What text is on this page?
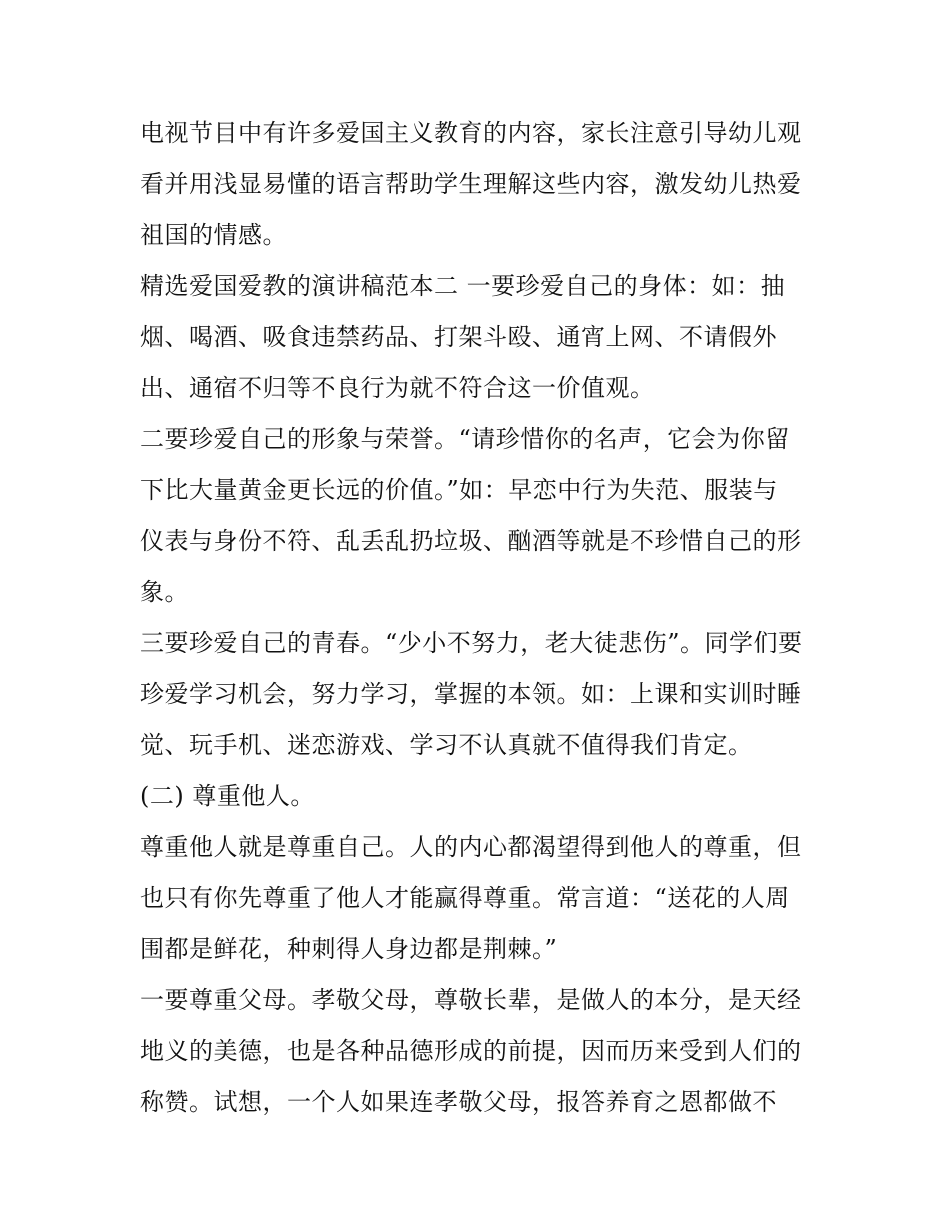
电视节目中有许多爱国主义教育的内容，家长注意引导幼儿观
看并用浅显易懂的语言帮助学生理解这些内容，激发幼儿热爱
祖国的情感。
精选爱国爱教的演讲稿范本二 一要珍爱自己的身体：如：抽
烟、喝酒、吸食违禁药品、打架斗殴、通宵上网、不请假外
出、通宿不归等不良行为就不符合这一价值观。
二要珍爱自己的形象与荣誉。“请珍惜你的名声，它会为你留
下比大量黄金更长远的价值。”如：早恋中行为失范、服装与
仪表与身份不符、乱丢乱扔垃圾、酗酒等就是不珍惜自己的形
象。
三要珍爱自己的青春。“少小不努力，老大徒悲伤”。同学们要
珍爱学习机会，努力学习，掌握的本领。如：上课和实训时睡
觉、玩手机、迷恋游戏、学习不认真就不值得我们肯定。
(二) 尊重他人。
尊重他人就是尊重自己。人的内心都渴望得到他人的尊重，但
也只有你先尊重了他人才能赢得尊重。常言道：“送花的人周
围都是鲜花，种刺得人身边都是荆棘。”
一要尊重父母。孝敬父母，尊敬长辈，是做人的本分，是天经
地义的美德，也是各种品德形成的前提，因而历来受到人们的
称赞。试想，一个人如果连孝敬父母，报答养育之恩都做不
